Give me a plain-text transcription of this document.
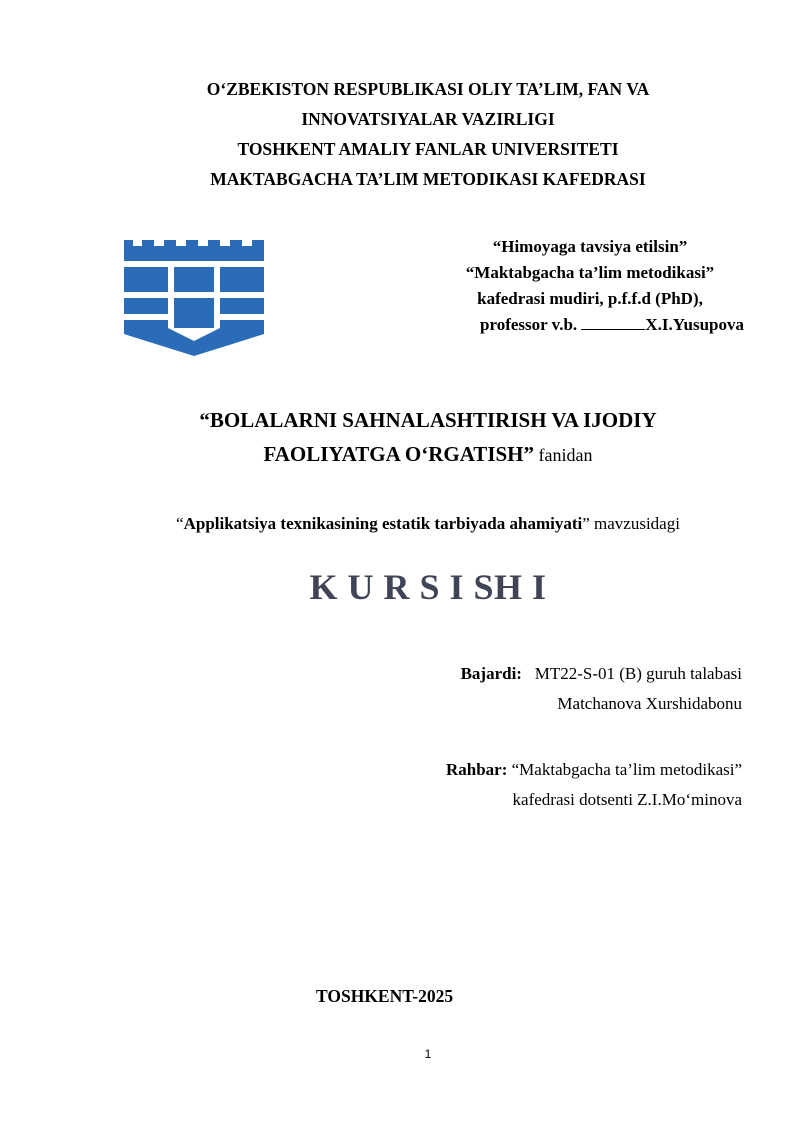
O‘ZBEKISTON RESPUBLIKASI OLIY TA’LIM, FAN VA
INNOVATSIYALAR VAZIRLIGI
TOSHKENT AMALIY FANLAR UNIVERSITETI
MAKTABGACHA TA’LIM METODIKASI KAFEDRASI
“Himoyaga tavsiya etilsin”
“Maktabgacha ta’lim metodikasi”
kafedrasi mudiri, p.f.f.d (PhD),
professor v.b.	X.I.Yusupova
“BOLALARNI SAHNALASHTIRISH VA IJODIY
FAOLIYATGA O‘RGATISH” fanidan
“Applikatsiya texnikasining estatik tarbiyada ahamiyati” mavzusidagi
K U R S I SH I
Bajardi:   MT22-S-01 (B) guruh talabasi
Matchanova Xurshidabonu
Rahbar: “Maktabgacha ta’lim metodikasi”
kafedrasi dotsenti Z.I.Mo‘minova
TOSHKENT-2025
1
